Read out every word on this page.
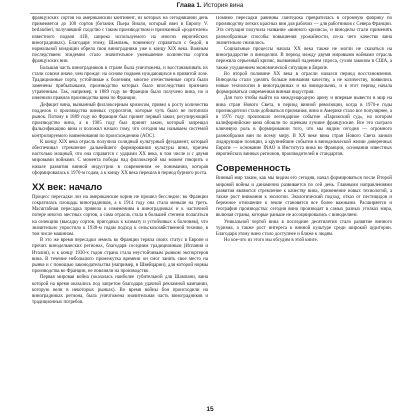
Глава 1. История вина

французских сортов на американский континент, из которых на сегодняшний день применяется до 100 сортов (ботаник Пьера Виали, который ввез в Европу V. berlandieri, получивший сходство с таким производством и признанный «родителем» известного подвоя 41B, широко используемого на многих европейских виноградниках). Благодаря этому, Шампань, понемногу справиться с бедой, в нормальной кондиции обрела свои виноградники уже к концу XIX века. Важным последствием эпидемии стало значительное уменьшение количества сортов французских вин.

Большая часть виноградников в стране была уничтожена, и восстанавливать их стали совсем иначе, чем прежде: на основе подвоев нуждающихся в привитой лозе. Традиционные сорта, устойчивые к болезням, многие отечественные сорта были заменены прибыльными, производство которых было впоследствии признано утраченным. Так, например, в 1889 году во Франции было получено вина, но и изменили правила производства вина по Франции.

Дефицит вина, вызванный филлоксерным кризисом, привел к росту количества подделок и производства винных суррогатов, которые чуть было не потопили рынок. Потому в 1889 году во Франции был принят первый закон, регулирующий производство вина, а в 1905 году был принят закон, который запрещал фальсификацию вина и положил начало тому, что сегодня мы называем системой контролируемого наименования по происхождению (AOC).

К концу XIX века отрасль получила солидный культурный фундамент, который обеспечивал стремление дальнейшего формирования культуры вина, причем настолько мощный, что она справится с ударами ХХ века, в том числе и с двумя мировыми войнами. С момента победы над филлоксерой мы можем говорить о начале развития винной индустрии в современном ее понимании, которая сформировалась к 1970-м годам, а к концу XX века перешла в период бурного роста.

XX век: начало

Процесс пересадки лоз на американские корни не прошел бесследно: во Франции сократилась площадь виноградников, а к 1914 году она стала меньше на треть. Масштабная пересадка привела к изменениям в виноградниках и к частичной потере многих местных сортов, а сама отрасль стала в большей степени полагаться на селекцию (высадку сортов, пригодных к климату и устойчивых к болезням), что значительно упростило к 1930-м годам подход к сельскохозяйственной технике, в том числе машинам.

В это же время пересадки земель во Франции теряла своих статус в Европе и прочих винодельческих регионах, благодаря соседним традиционным (Испания и Италия), и к концу 1930-х годов страна стала неустойчивым рынком экспортеров вина. В течение небольшого промежутка времени он смог занять свое место на рынке и с помощью законодательства (например, в Швейцарии), для которой нормы производства во Франции, не повлияли на производство.

Первая мировая война (оказалась наиболее губительной для Шампани, вина которой на время оказались под запретом благодаря удачной рекламной кампании, которую вели в некоторых рынках). Во время войны бои происходили на виноградниках региона, была уничтожена значительная часть виноградников и традиционных погребов.

Помимо пересадки равнины Лангедока превратилась в огромную фабрику по производству легких красных вин для рабочих — для работников с Севера Франции. Эта ситуация получила название «винного кризиса», и виноделы стали применять разнообразные способы повышения урожайности, из-за чего качество вина значительно снизилось.

Социальные процессы начала XX века также не могли не сказаться на виноградарстве и виноделии. В период между двумя мировыми войнами отрасль пережила серьезный кризис, вызванный падением спроса, сухим законом в США, а также ухудшением экономической ситуации в Европе.

Во второй половине XX века в отрасли начался период восстановления. Виноделы стали уделять больше внимания качеству, а не количеству, появились новые технологии в виноградниках и на винодельнях, и в этот период начала формироваться современная винная индустрия.

Для того чтобы выйти на международную арену и впервые вывести в мир на вина стран Нового Света, в период винной революции, когда в 1970-е годы производители стали добиваться признания, вино в Америке стало все популярнее, а в 1976 году произошло легендарное событие «Парижский суд», на котором калифорнийские вина обошли по оценкам лучшие французские. Все это сыграло ключевую роль в формировании того, что мы видим сегодня — огромного разнообразия вин по всему миру. В XX веке вина стран Нового Света заняли лидирующие позиции, а крупнейшие события в винодельческой жизни доверенных Европе — основание INAO и Института вина во Франции, основании известных европейских винных регионов, производителей и стандартов.

Современность

Винный мир таким, как мы видим его сегодня, начал формироваться после Второй мировой войны и динамично развивается по сей день. Главными направлениями развития являются стремление к качеству вина, применение новых технологий, а также рост внимания к экологии. Экологический подход, отказ от пестицидов и бережное отношение к земле становятся все более важными. Расширяется и география производства: сегодня вино производят в самых разных уголках мира, включая страны, которые раньше не ассоциировались с виноделием.

Уникальной чертой вина в последние десятилетия стало развитие винного туризма, а также рост интереса к винной культуре среди широкой аудитории. Благодаря этому вино стало доступнее и ближе к людям.

Но кое-что из этого мы обсудим в этой книге.

15
